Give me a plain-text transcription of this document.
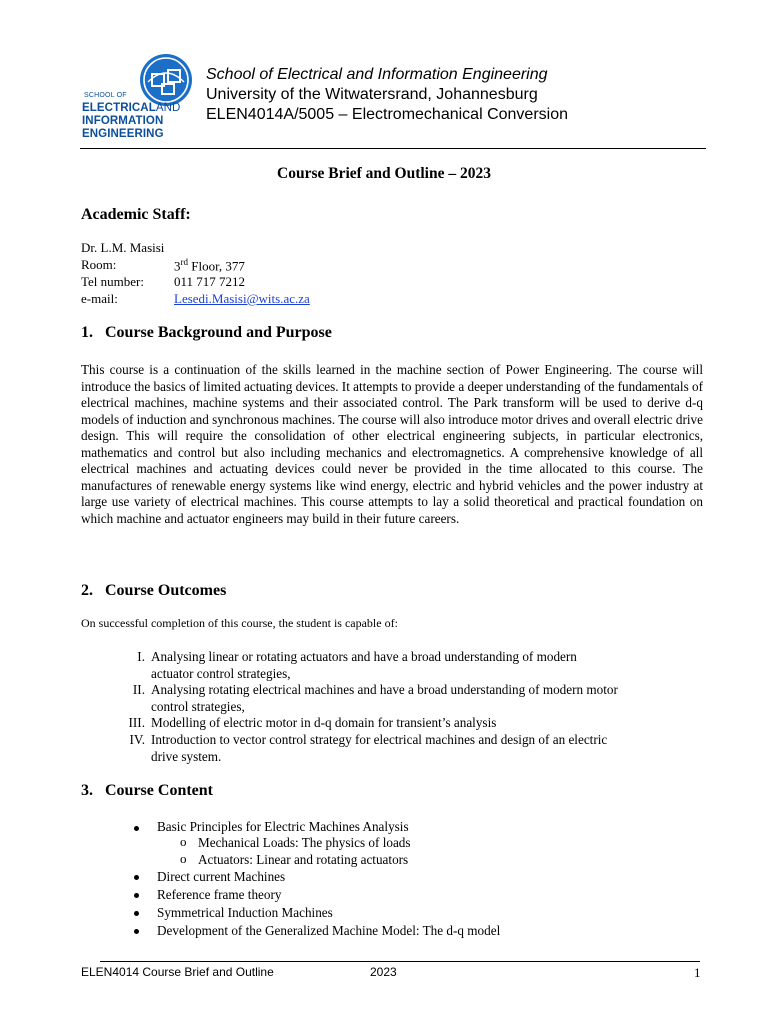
SCHOOL OF
ELECTRICALAND
INFORMATION
ENGINEERING
School of Electrical and Information Engineering
University of the Witwatersrand, Johannesburg
ELEN4014A/5005 – Electromechanical Conversion
Course Brief and Outline – 2023
Academic Staff:
Dr. L.M. Masisi
Room:	3rd Floor, 377
Tel number: 011 717 7212
e-mail:	Lesedi.Masisi@wits.ac.za
1. Course Background and Purpose

This course is a continuation of the skills learned in the machine section of Power Engineering. The course will introduce the basics of limited actuating devices. It attempts to provide a deeper understanding of the fundamentals of electrical machines, machine systems and their associated control. The Park transform will be used to derive d-q models of induction and synchronous machines. The course will also introduce motor drives and overall electric drive design. This will require the consolidation of other electrical engineering subjects, in particular electronics, mathematics and control but also including mechanics and electromagnetics. A comprehensive knowledge of all electrical machines and actuating devices could never be provided in the time allocated to this course. The manufactures of renewable energy systems like wind energy, electric and hybrid vehicles and the power industry at large use variety of electrical machines. This course attempts to lay a solid theoretical and practical foundation on which machine and actuator engineers may build in their future careers.

2. Course Outcomes
On successful completion of this course, the student is capable of:
I. Analysing linear or rotating actuators and have a broad understanding of modern
actuator control strategies,
II. Analysing rotating electrical machines and have a broad understanding of modern motor
control strategies,
III. Modelling of electric motor in d-q domain for transient’s analysis
IV. Introduction to vector control strategy for electrical machines and design of an electric
drive system.
3. Course Content
Basic Principles for Electric Machines Analysis
o Mechanical Loads: The physics of loads
o Actuators: Linear and rotating actuators
Direct current Machines
Reference frame theory
Symmetrical Induction Machines
Development of the Generalized Machine Model: The d-q model
ELEN4014 Course Brief and Outline	2023	1
